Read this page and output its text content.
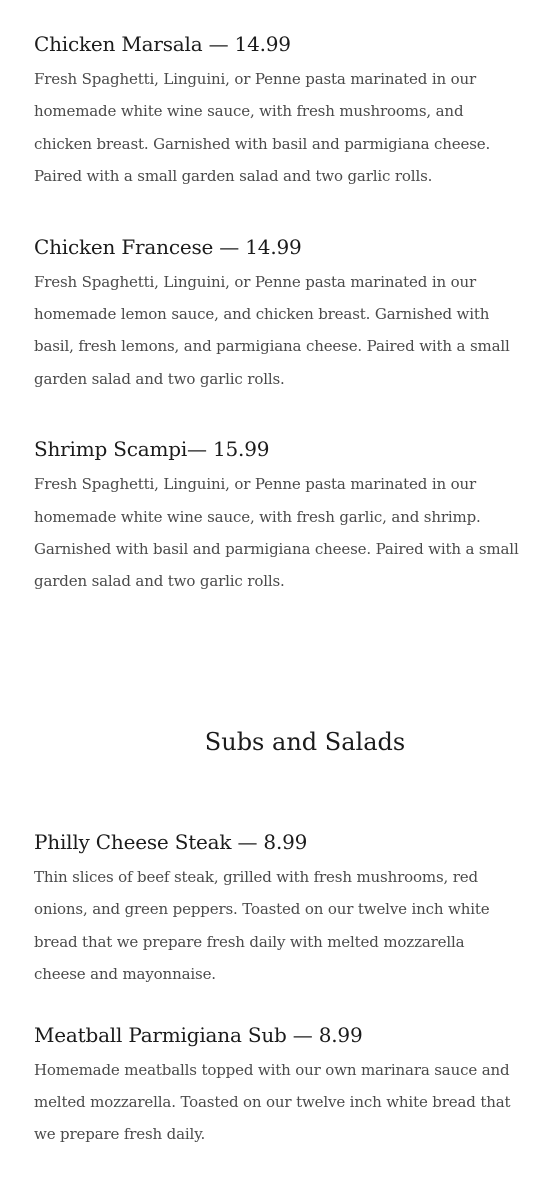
Chicken Marsala — 14.99

Fresh Spaghetti, Linguini, or Penne pasta marinated in our homemade white wine sauce, with fresh mushrooms, and chicken breast. Garnished with basil and parmigiana cheese. Paired with a small garden salad and two garlic rolls.

Chicken Francese — 14.99

Fresh Spaghetti, Linguini, or Penne pasta marinated in our homemade lemon sauce, and chicken breast. Garnished with basil, fresh lemons, and parmigiana cheese. Paired with a small garden salad and two garlic rolls.

Shrimp Scampi— 15.99

Fresh Spaghetti, Linguini, or Penne pasta marinated in our homemade white wine sauce, with fresh garlic, and shrimp. Garnished with basil and parmigiana cheese. Paired with a small garden salad and two garlic rolls.

Subs and Salads
Philly Cheese Steak — 8.99

Thin slices of beef steak, grilled with fresh mushrooms, red onions, and green peppers. Toasted on our twelve inch white bread that we prepare fresh daily with melted mozzarella cheese and mayonnaise.

Meatball Parmigiana Sub — 8.99

Homemade meatballs topped with our own marinara sauce and melted mozzarella. Toasted on our twelve inch white bread that we prepare fresh daily.
